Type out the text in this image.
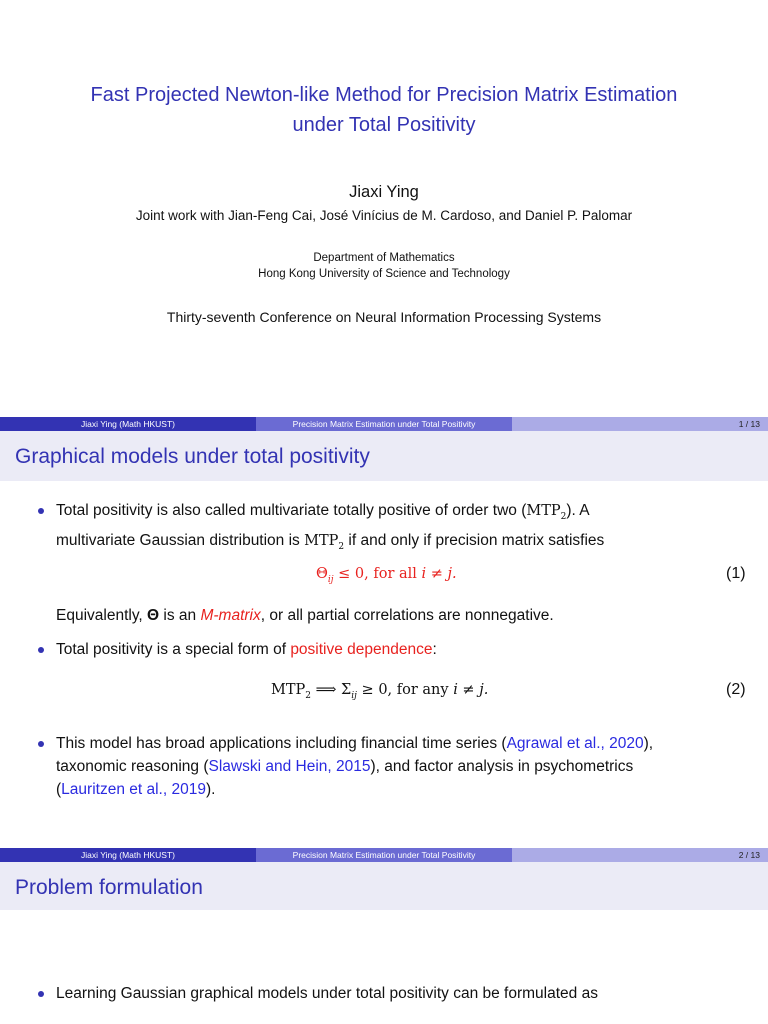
Fast Projected Newton-like Method for Precision Matrix Estimation
under Total Positivity
Jiaxi Ying
Joint work with Jian-Feng Cai, José Vinícius de M. Cardoso, and Daniel P. Palomar
Department of Mathematics
Hong Kong University of Science and Technology
Thirty-seventh Conference on Neural Information Processing Systems
Jiaxi Ying (Math HKUST)	Precision Matrix Estimation under Total Positivity	1 / 13
Graphical models under total positivity
Total positivity is also called multivariate totally positive of order two $(MTP_2)$. A
multivariate Gaussian distribution is $MTP_2$ if and only if precision matrix satisfies
$\Theta_{ij} \le 0$, for all i ≠ j.	(1)
Equivalently, Θ is an M-matrix, or all partial correlations are nonnegative.
Total positivity is a special form of positive dependence:
$MTP_2$ ⟹ $\Sigma_{ij} \ge 0$, for any i ≠ j.	(2)
This model has broad applications including financial time series (Agrawal et al., 2020),
taxonomic reasoning (Slawski and Hein, 2015), and factor analysis in psychometrics
(Lauritzen et al., 2019).
Jiaxi Ying (Math HKUST)	Precision Matrix Estimation under Total Positivity	2 / 13
Problem formulation
Learning Gaussian graphical models under total positivity can be formulated as
